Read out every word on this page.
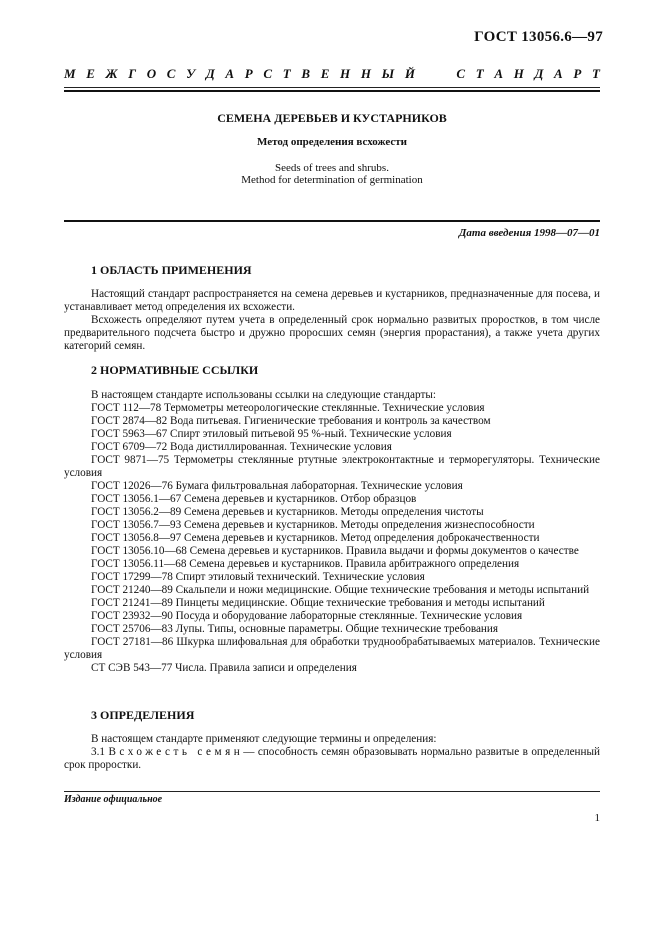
ГОСТ 13056.6—97
М Е Ж Г О С У Д А Р С Т В Е Н Н Ы Й	С Т А Н Д А Р Т
СЕМЕНА ДЕРЕВЬЕВ И КУСТАРНИКОВ
Метод определения всхожести
Seeds of trees and shrubs.
Method for determination of germination
Дата введения 1998—07—01
1 ОБЛАСТЬ ПРИМЕНЕНИЯ

Настоящий стандарт распространяется на семена деревьев и кустарников, предназначенные для посева, и устанавливает метод определения их всхожести.

Всхожесть определяют путем учета в определенный срок нормально развитых проростков, в том числе предварительного подсчета быстро и дружно проросших семян (энергия прорастания), а также учета других категорий семян.

2 НОРМАТИВНЫЕ ССЫЛКИ
В настоящем стандарте использованы ссылки на следующие стандарты:
ГОСТ 112—78 Термометры метеорологические стеклянные. Технические условия
ГОСТ 2874—82 Вода питьевая. Гигиенические требования и контроль за качеством
ГОСТ 5963—67 Спирт этиловый питьевой 95 %-ный. Технические условия
ГОСТ 6709—72 Вода дистиллированная. Технические условия
ГОСТ 9871—75 Термометры стеклянные ртутные электроконтактные и терморегуляторы. Технические условия
ГОСТ 12026—76 Бумага фильтровальная лабораторная. Технические условия
ГОСТ 13056.1—67 Семена деревьев и кустарников. Отбор образцов
ГОСТ 13056.2—89 Семена деревьев и кустарников. Методы определения чистоты
ГОСТ 13056.7—93 Семена деревьев и кустарников. Методы определения жизнеспособности
ГОСТ 13056.8—97 Семена деревьев и кустарников. Метод определения доброкачественности
ГОСТ 13056.10—68 Семена деревьев и кустарников. Правила выдачи и формы документов о качестве
ГОСТ 13056.11—68 Семена деревьев и кустарников. Правила арбитражного определения
ГОСТ 17299—78 Спирт этиловый технический. Технические условия
ГОСТ 21240—89 Скальпели и ножи медицинские. Общие технические требования и методы испытаний
ГОСТ 21241—89 Пинцеты медицинские. Общие технические требования и методы испытаний
ГОСТ 23932—90 Посуда и оборудование лабораторные стеклянные. Технические условия
ГОСТ 25706—83 Лупы. Типы, основные параметры. Общие технические требования
ГОСТ 27181—86 Шкурка шлифовальная для обработки труднообрабатываемых материалов. Технические условия
СТ СЭВ 543—77 Числа. Правила записи и определения
3 ОПРЕДЕЛЕНИЯ

В настоящем стандарте применяют следующие термины и определения:

3.1 Всхожесть семян— способность семян образовывать нормально развитые в определенный срок проростки.

Издание официальное
1
